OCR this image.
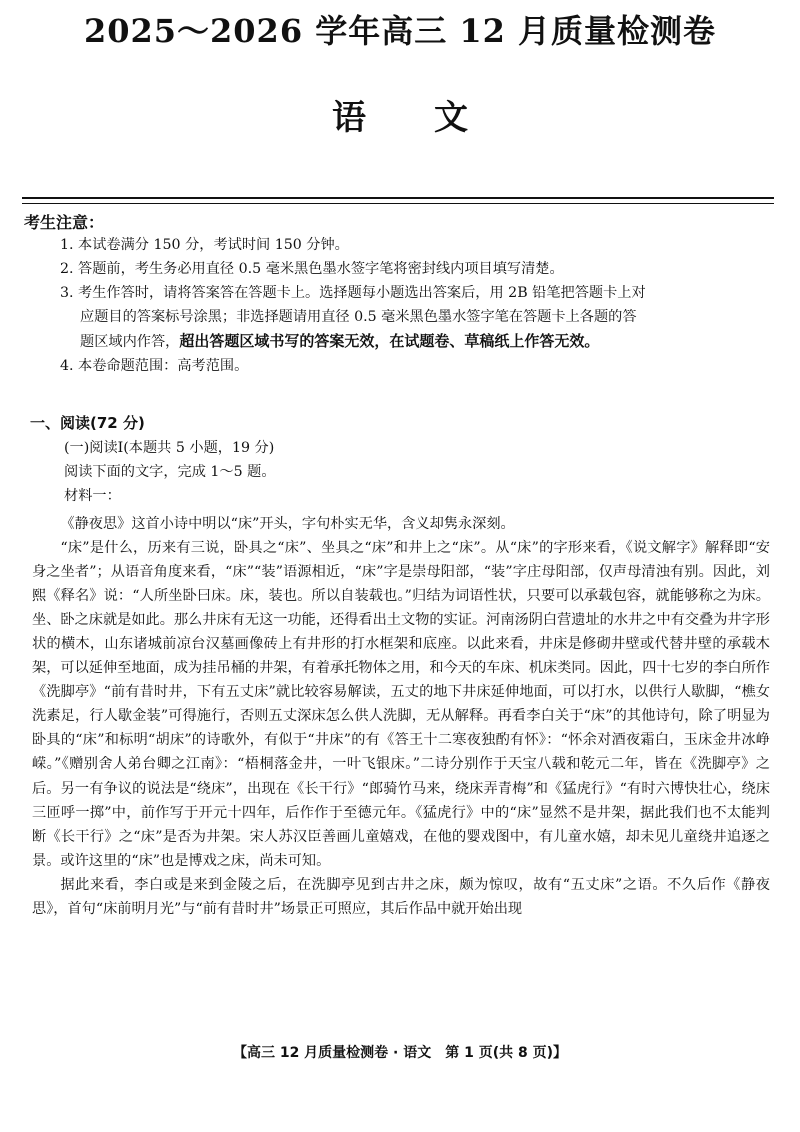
2025～2026 学年高三 12 月质量检测卷
语　　文
考生注意：
1. 本试卷满分 150 分，考试时间 150 分钟。
2. 答题前，考生务必用直径 0.5 毫米黑色墨水签字笔将密封线内项目填写清楚。
3. 考生作答时，请将答案答在答题卡上。选择题每小题选出答案后，用 2B 铅笔把答题卡上对
应题目的答案标号涂黑；非选择题请用直径 0.5 毫米黑色墨水签字笔在答题卡上各题的答
题区域内作答，超出答题区域书写的答案无效，在试题卷、草稿纸上作答无效。
4. 本卷命题范围：高考范围。
一、阅读(72 分)

(一)阅读Ⅰ(本题共 5 小题，19 分)

阅读下面的文字，完成 1～5 题。

材料一：

《静夜思》这首小诗中明以“床”开头，字句朴实无华，含义却隽永深刻。

“床”是什么，历来有三说，卧具之“床”、坐具之“床”和井上之“床”。从“床”的字形来看，《说文解字》解释即“安身之坐者”；从语音角度来看，“床”“装”语源相近，“床”字是崇母阳部，“装”字庄母阳部，仅声母清浊有别。因此，刘熙《释名》说：“人所坐卧曰床。床，装也。所以自装载也。”归结为词语性状，只要可以承载包容，就能够称之为床。坐、卧之床就是如此。那么井床有无这一功能，还得看出土文物的实证。河南汤阴白营遗址的水井之中有交叠为井字形状的横木，山东诸城前凉台汉墓画像砖上有井形的打水框架和底座。以此来看，井床是修砌井壁或代替井壁的承载木架，可以延伸至地面，成为挂吊桶的井架，有着承托物体之用，和今天的车床、机床类同。因此，四十七岁的李白所作《洗脚亭》“前有昔时井，下有五丈床”就比较容易解读，五丈的地下井床延伸地面，可以打水，以供行人歇脚，“樵女洗素足，行人歇金装”可得施行，否则五丈深床怎么供人洗脚，无从解释。再看李白关于“床”的其他诗句，除了明显为卧具的“床”和标明“胡床”的诗歌外，有似于“井床”的有《答王十二寒夜独酌有怀》：“怀余对酒夜霜白，玉床金井冰峥嵘。”《赠别舍人弟台卿之江南》：“梧桐落金井，一叶飞银床。”二诗分别作于天宝八载和乾元二年，皆在《洗脚亭》之后。另一有争议的说法是“绕床”，出现在《长干行》“郎骑竹马来，绕床弄青梅”和《猛虎行》“有时六博快壮心，绕床三匝呼一掷”中，前作写于开元十四年，后作作于至德元年。《猛虎行》中的“床”显然不是井架，据此我们也不太能判断《长干行》之“床”是否为井架。宋人苏汉臣善画儿童嬉戏，在他的婴戏图中，有儿童水嬉，却未见儿童绕井追逐之景。或许这里的“床”也是博戏之床，尚未可知。

据此来看，李白或是来到金陵之后，在洗脚亭见到古井之床，颇为惊叹，故有“五丈床”之语。不久后作《静夜思》，首句“床前明月光”与“前有昔时井”场景正可照应，其后作品中就开始出现

【高三 12 月质量检测卷 · 语文　第 1 页(共 8 页)】
